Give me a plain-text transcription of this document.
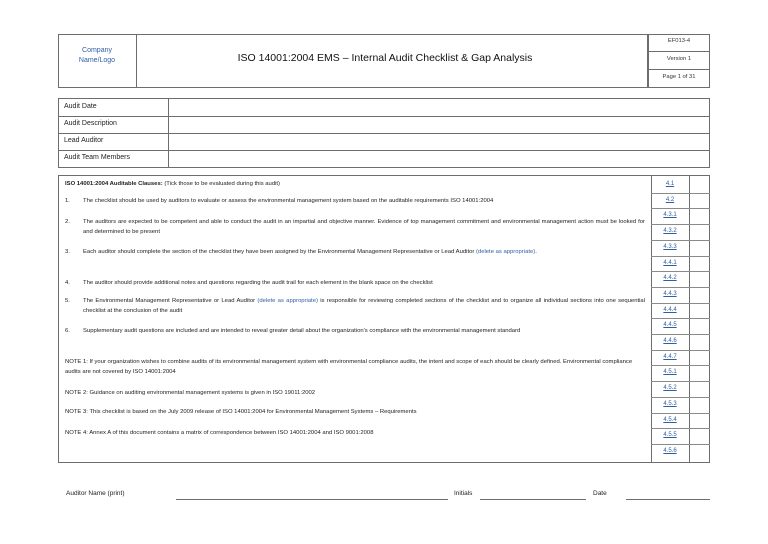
Company
Name/Logo	ISO 14001:2004 EMS – Internal Audit Checklist & Gap Analysis
EF013-4
Version 1
Page 1 of 31
Audit Date
Audit Description
Lead Auditor
Audit Team Members
ISO 14001:2004 Auditable Clauses: (Tick those to be evaluated during this audit)
1. The checklist should be used by auditors to evaluate or assess the environmental management system based on the auditable requirements ISO 14001:2004
2. The auditors are expected to be competent and able to conduct the audit in an impartial and objective manner. Evidence of top management commitment and environmental management action must be looked for and determined to be present
3. Each auditor should complete the section of the checklist they have been assigned by the Environmental Management Representative or Lead Auditor (delete as appropriate).
4. The auditor should provide additional notes and questions regarding the audit trail for each element in the blank space on the checklist
5. The Environmental Management Representative or Lead Auditor (delete as appropriate) is responsible for reviewing completed sections of the checklist and to organize all individual sections into one sequential checklist at the conclusion of the audit
6. Supplementary audit questions are included and are intended to reveal greater detail about the organization's compliance with the environmental management standard
NOTE 1: If your organization wishes to combine audits of its environmental management system with environmental compliance audits, the intent and scope of each should be clearly defined. Environmental compliance audits are not covered by ISO 14001:2004
NOTE 2: Guidance on auditing environmental management systems is given in ISO 19011:2002
NOTE 3: This checklist is based on the July 2009 release of ISO 14001:2004 for Environmental Management Systems – Requirements
NOTE 4: Annex A of this document contains a matrix of correspondence between ISO 14001:2004 and ISO 9001:2008
4.1
4.2
4.3.1
4.3.2
4.3.3
4.4.1
4.4.2
4.4.3
4.4.4
4.4.5
4.4.6
4.4.7
4.5.1
4.5.2
4.5.3
4.5.4
4.5.5
4.5.6
Auditor Name (print)	Initials	Date
